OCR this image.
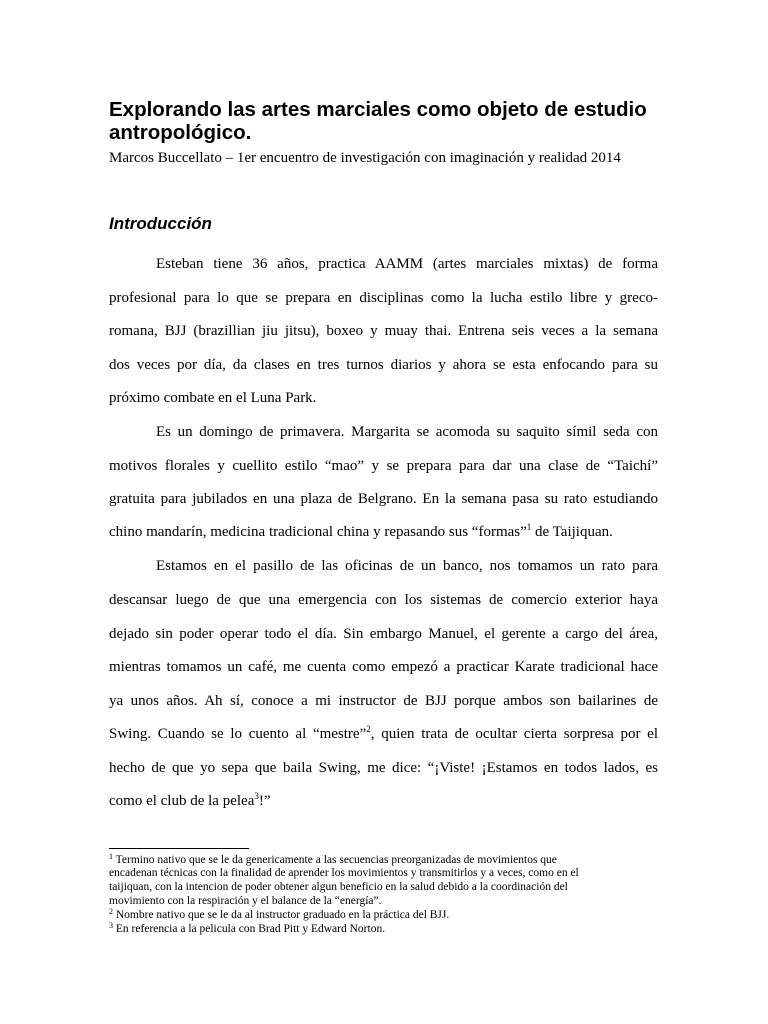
Explorando las artes marciales como objeto de estudio antropológico.
Marcos Buccellato – 1er encuentro de investigación con imaginación y realidad 2014
Introducción
Esteban tiene 36 años, practica AAMM (artes marciales mixtas) de forma
profesional para lo que se prepara en disciplinas como la lucha estilo libre y greco-
romana, BJJ (brazillian jiu jitsu), boxeo y muay thai. Entrena seis veces a la semana
dos veces por día, da clases en tres turnos diarios y ahora se esta enfocando para su
próximo combate en el Luna Park.
Es un domingo de primavera. Margarita se acomoda su saquito símil seda con
motivos florales y cuellito estilo “mao” y se prepara para dar una clase de “Taichí”
gratuita para jubilados en una plaza de Belgrano. En la semana pasa su rato estudiando
chino mandarín, medicina tradicional china y repasando sus “formas”$^1$ de Taijiquan.
Estamos en el pasillo de las oficinas de un banco, nos tomamos un rato para
descansar luego de que una emergencia con los sistemas de comercio exterior haya
dejado sin poder operar todo el día. Sin embargo Manuel, el gerente a cargo del área,
mientras tomamos un café, me cuenta como empezó a practicar Karate tradicional hace
ya unos años. Ah sí, conoce a mi instructor de BJJ porque ambos son bailarines de
Swing. Cuando se lo cuento al “mestre”$^2$, quien trata de ocultar cierta sorpresa por el
hecho de que yo sepa que baila Swing, me dice: “¡Viste! ¡Estamos en todos lados, es
como el club de la pelea$^3$!”
$^1$ Termino nativo que se le da genericamente a las secuencias preorganizadas de movimientos que
encadenan técnicas con la finalidad de aprender los movimientos y transmitirlos y a veces, como en el
taijiquan, con la intencion de poder obtener algun beneficio en la salud debido a la coordinación del
movimiento con la respiración y el balance de la “energía”.
$^2$ Nombre nativo que se le da al instructor graduado en la práctica del BJJ.
$^3$ En referencia a la pelicula con Brad Pitt y Edward Norton.
